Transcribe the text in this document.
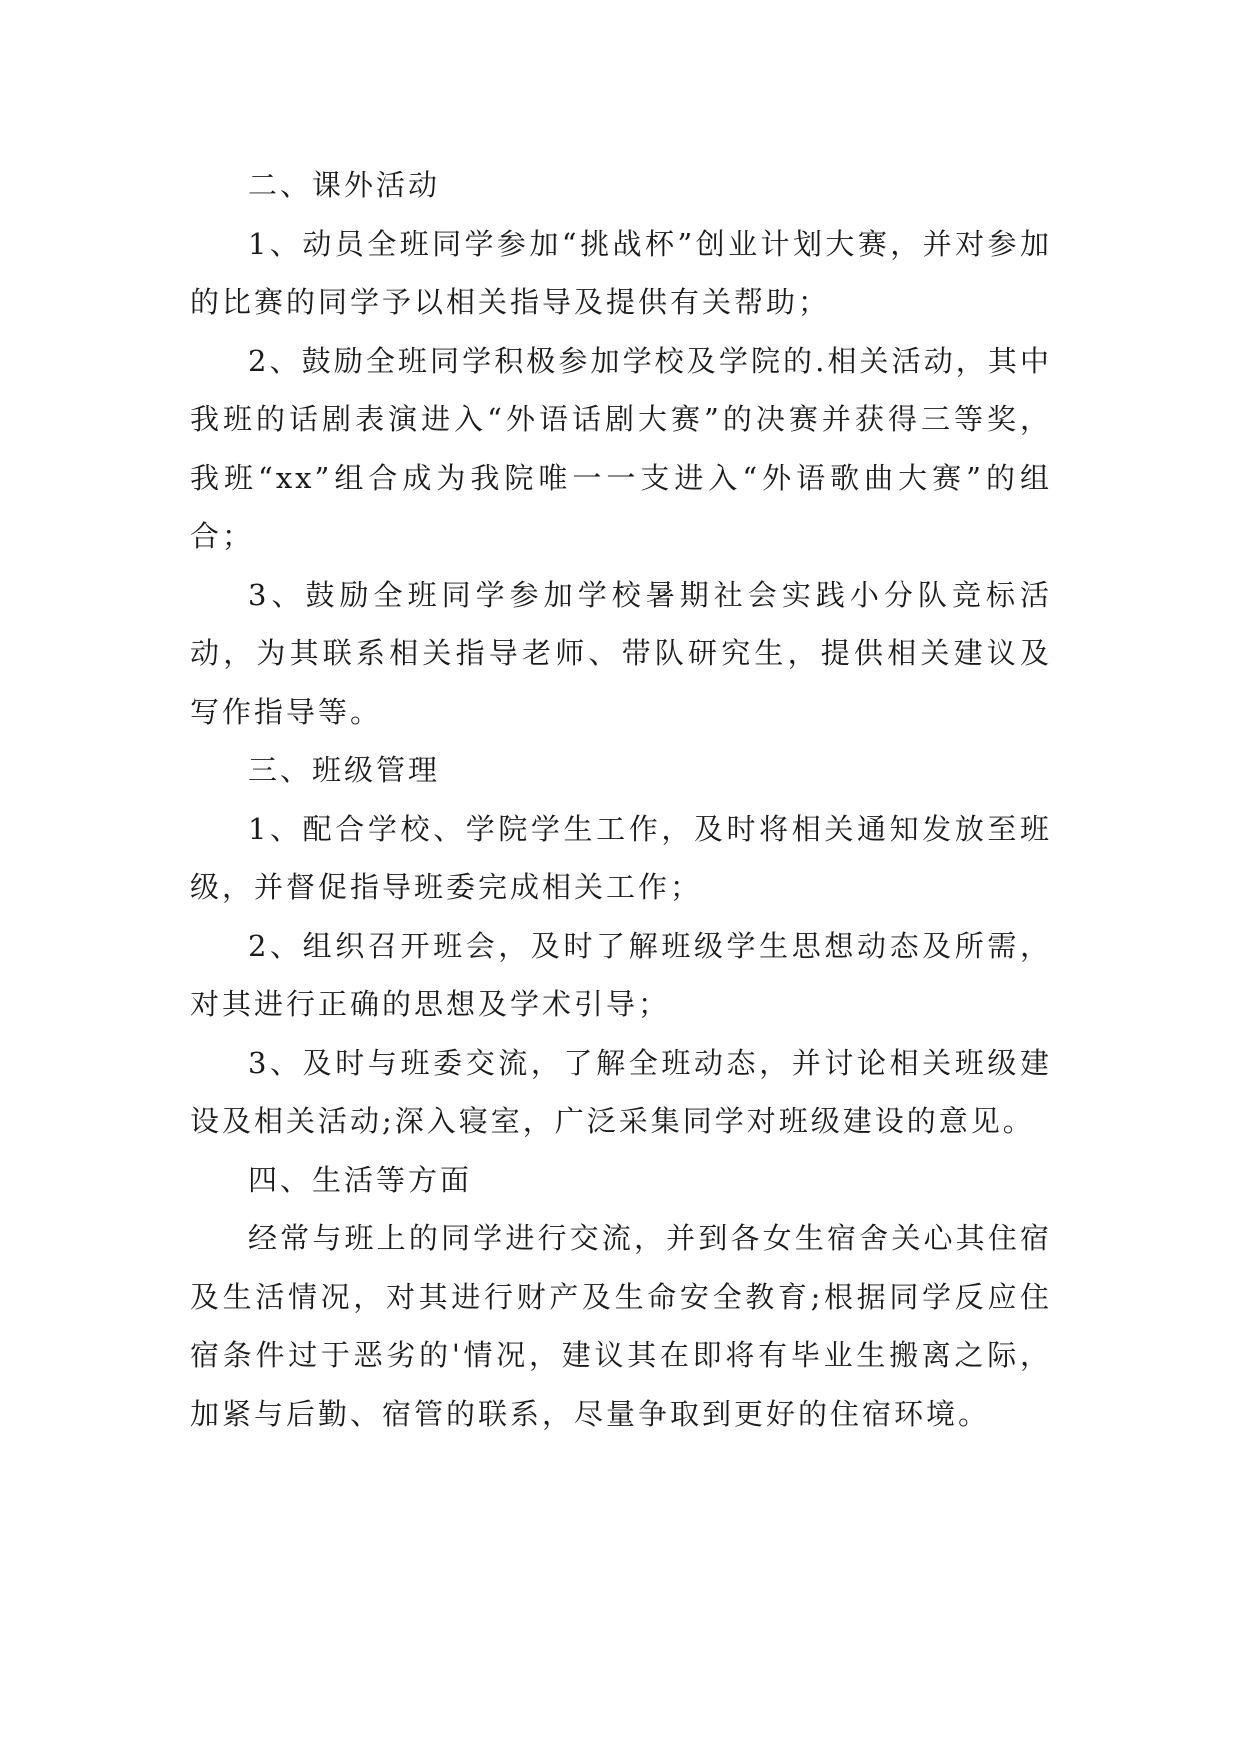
二、课外活动

1、动员全班同学参加“挑战杯”创业计划大赛，并对参加的比赛的同学予以相关指导及提供有关帮助；

2、鼓励全班同学积极参加学校及学院的.相关活动，其中我班的话剧表演进入“外语话剧大赛”的决赛并获得三等奖，我班“xx”组合成为我院唯一一支进入“外语歌曲大赛”的组合；

3、鼓励全班同学参加学校暑期社会实践小分队竞标活动，为其联系相关指导老师、带队研究生，提供相关建议及写作指导等。

三、班级管理

1、配合学校、学院学生工作，及时将相关通知发放至班级，并督促指导班委完成相关工作；

2、组织召开班会，及时了解班级学生思想动态及所需，对其进行正确的思想及学术引导；

3、及时与班委交流，了解全班动态，并讨论相关班级建设及相关活动;深入寝室，广泛采集同学对班级建设的意见。

四、生活等方面

经常与班上的同学进行交流，并到各女生宿舍关心其住宿及生活情况，对其进行财产及生命安全教育;根据同学反应住宿条件过于恶劣的'情况，建议其在即将有毕业生搬离之际，加紧与后勤、宿管的联系，尽量争取到更好的住宿环境。
